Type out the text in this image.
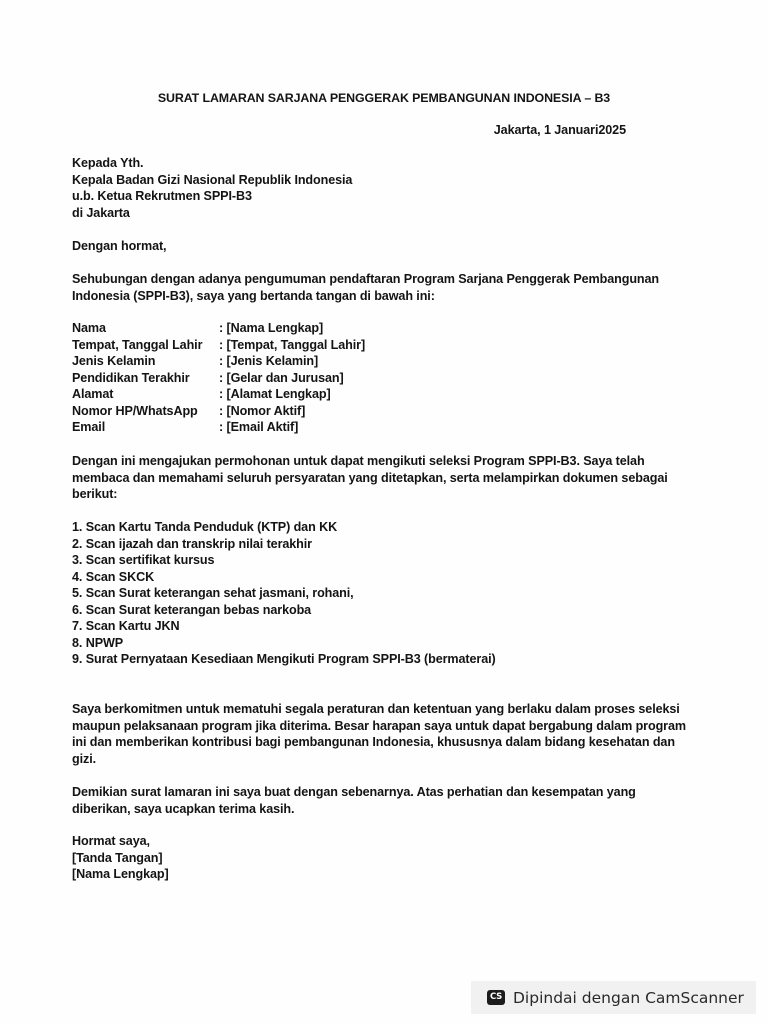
SURAT LAMARAN SARJANA PENGGERAK PEMBANGUNAN INDONESIA – B3
Jakarta, 1 Januari2025
Kepada Yth.
Kepala Badan Gizi Nasional Republik Indonesia
u.b. Ketua Rekrutmen SPPI-B3
di Jakarta
Dengan hormat,
Sehubungan dengan adanya pengumuman pendaftaran Program Sarjana Penggerak Pembangunan
Indonesia (SPPI-B3), saya yang bertanda tangan di bawah ini:
Nama	: [Nama Lengkap]
Tempat, Tanggal Lahir : [Tempat, Tanggal Lahir]
Jenis Kelamin	: [Jenis Kelamin]
Pendidikan Terakhir : [Gelar dan Jurusan]
Alamat	: [Alamat Lengkap]
Nomor HP/WhatsApp : [Nomor Aktif]
Email	: [Email Aktif]
Dengan ini mengajukan permohonan untuk dapat mengikuti seleksi Program SPPI-B3. Saya telah
membaca dan memahami seluruh persyaratan yang ditetapkan, serta melampirkan dokumen sebagai
berikut:
1. Scan Kartu Tanda Penduduk (KTP) dan KK
2. Scan ijazah dan transkrip nilai terakhir
3. Scan sertifikat kursus
4. Scan SKCK
5. Scan Surat keterangan sehat jasmani, rohani,
6. Scan Surat keterangan bebas narkoba
7. Scan Kartu JKN
8. NPWP
9. Surat Pernyataan Kesediaan Mengikuti Program SPPI-B3 (bermaterai)
Saya berkomitmen untuk mematuhi segala peraturan dan ketentuan yang berlaku dalam proses seleksi
maupun pelaksanaan program jika diterima. Besar harapan saya untuk dapat bergabung dalam program
ini dan memberikan kontribusi bagi pembangunan Indonesia, khususnya dalam bidang kesehatan dan
gizi.
Demikian surat lamaran ini saya buat dengan sebenarnya. Atas perhatian dan kesempatan yang
diberikan, saya ucapkan terima kasih.
Hormat saya,
[Tanda Tangan]
[Nama Lengkap]
CS Dipindai dengan CamScanner
